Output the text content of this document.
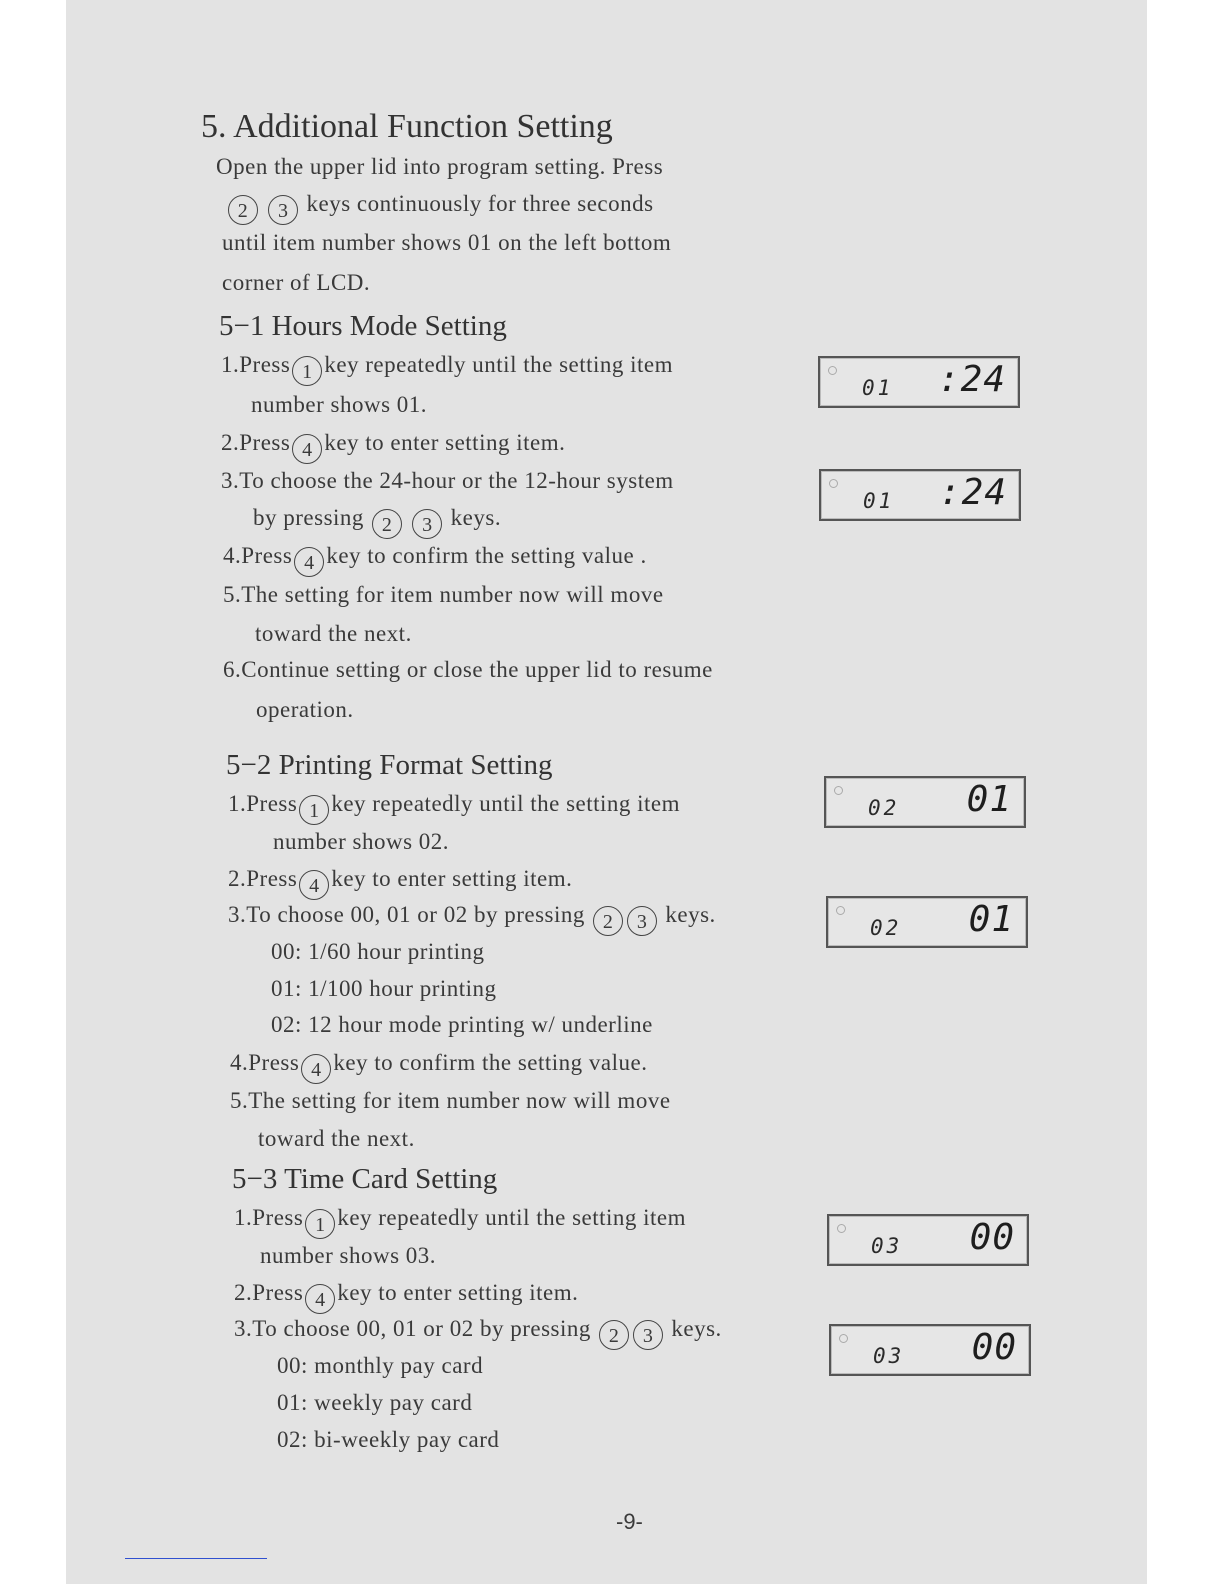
5. Additional Function Setting
Open the upper lid into program setting. Press
2 3 keys continuously for three seconds
until item number shows 01 on the left bottom
corner of LCD.
5−1 Hours Mode Setting
1.Press 1 key repeatedly until the setting item
number shows 01.
2.Press 4 key to enter setting item.
3.To choose the 24-hour or the 12-hour system
by pressing 2 3 keys.
4.Press 4 key to confirm the setting value .
5.The setting for item number now will move
toward the next.
6.Continue setting or close the upper lid to resume
operation.
01 :24
01 :24
5−2 Printing Format Setting
1.Press 1 key repeatedly until the setting item
number shows 02.
2.Press 4 key to enter setting item.
3.To choose 00, 01 or 02 by pressing 2 3 keys.
00: 1/60 hour printing
01: 1/100 hour printing
02: 12 hour mode printing w/ underline
4.Press 4 key to confirm the setting value.
5.The setting for item number now will move
toward the next.
02 01
02 01
5−3 Time Card Setting
1.Press 1 key repeatedly until the setting item
number shows 03.
2.Press 4 key to enter setting item.
3.To choose 00, 01 or 02 by pressing 2 3 keys.
00: monthly pay card
01: weekly pay card
02: bi-weekly pay card
03 00
03 00
-9-
